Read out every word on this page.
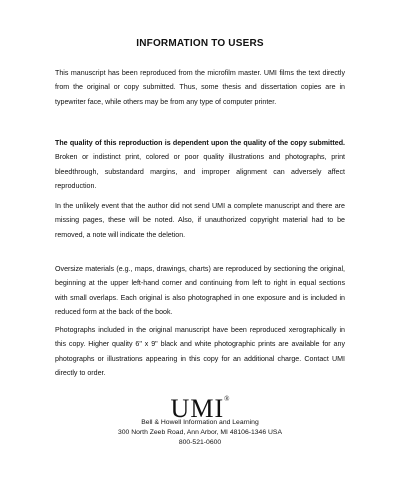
INFORMATION TO USERS
This manuscript has been reproduced from the microfilm master. UMI films the text directly from the original or copy submitted. Thus, some thesis and dissertation copies are in typewriter face, while others may be from any type of computer printer.
The quality of this reproduction is dependent upon the quality of the copy submitted. Broken or indistinct print, colored or poor quality illustrations and photographs, print bleedthrough, substandard margins, and improper alignment can adversely affect reproduction.
In the unlikely event that the author did not send UMI a complete manuscript and there are missing pages, these will be noted. Also, if unauthorized copyright material had to be removed, a note will indicate the deletion.
Oversize materials (e.g., maps, drawings, charts) are reproduced by sectioning the original, beginning at the upper left-hand corner and continuing from left to right in equal sections with small overlaps. Each original is also photographed in one exposure and is included in reduced form at the back of the book.
Photographs included in the original manuscript have been reproduced xerographically in this copy. Higher quality 6" x 9" black and white photographic prints are available for any photographs or illustrations appearing in this copy for an additional charge. Contact UMI directly to order.
UMI®
Bell & Howell Information and Learning
300 North Zeeb Road, Ann Arbor, MI 48106-1346 USA
800-521-0600
